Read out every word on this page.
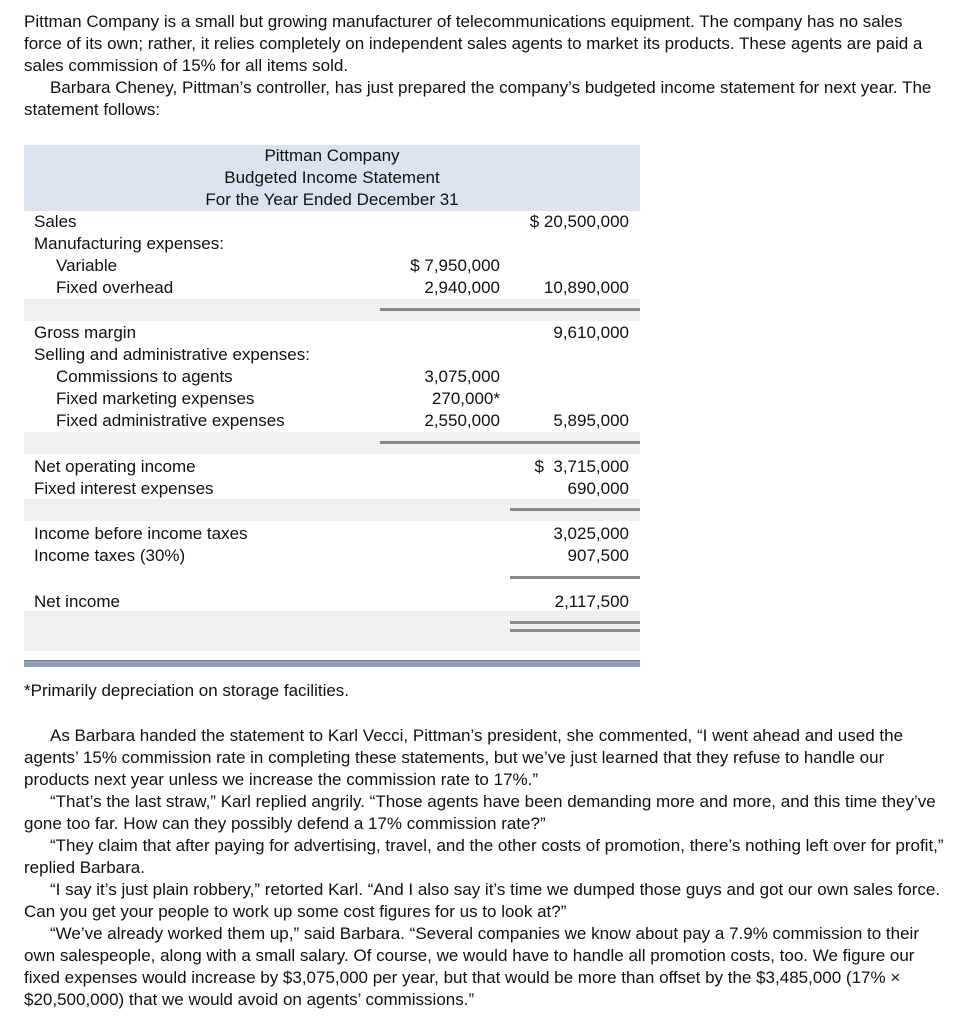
Pittman Company is a small but growing manufacturer of telecommunications equipment. The company has no sales force of its own; rather, it relies completely on independent sales agents to market its products. These agents are paid a sales commission of 15% for all items sold.

Barbara Cheney, Pittman’s controller, has just prepared the company’s budgeted income statement for next year. The statement follows:

Pittman Company
Budgeted Income Statement
For the Year Ended December 31
Sales	$ 20,500,000
Manufacturing expenses:
Variable	$ 7,950,000
Fixed overhead	2,940,000	10,890,000
Gross margin	9,610,000
Selling and administrative expenses:
Commissions to agents	3,075,000
Fixed marketing expenses	270,000*
Fixed administrative expenses	2,550,000	5,895,000
Net operating income	$  3,715,000
Fixed interest expenses	690,000
Income before income taxes	3,025,000
Income taxes (30%)	907,500
Net income	2,117,500
*Primarily depreciation on storage facilities.

As Barbara handed the statement to Karl Vecci, Pittman’s president, she commented, “I went ahead and used the agents’ 15% commission rate in completing these statements, but we’ve just learned that they refuse to handle our products next year unless we increase the commission rate to 17%.”

“That’s the last straw,” Karl replied angrily. “Those agents have been demanding more and more, and this time they’ve gone too far. How can they possibly defend a 17% commission rate?”

“They claim that after paying for advertising, travel, and the other costs of promotion, there’s nothing left over for profit,” replied Barbara.

“I say it’s just plain robbery,” retorted Karl. “And I also say it’s time we dumped those guys and got our own sales force. Can you get your people to work up some cost figures for us to look at?”

“We’ve already worked them up,” said Barbara. “Several companies we know about pay a 7.9% commission to their own salespeople, along with a small salary. Of course, we would have to handle all promotion costs, too. We figure our fixed expenses would increase by $3,075,000 per year, but that would be more than offset by the $3,485,000 (17% × $20,500,000) that we would avoid on agents’ commissions.”
